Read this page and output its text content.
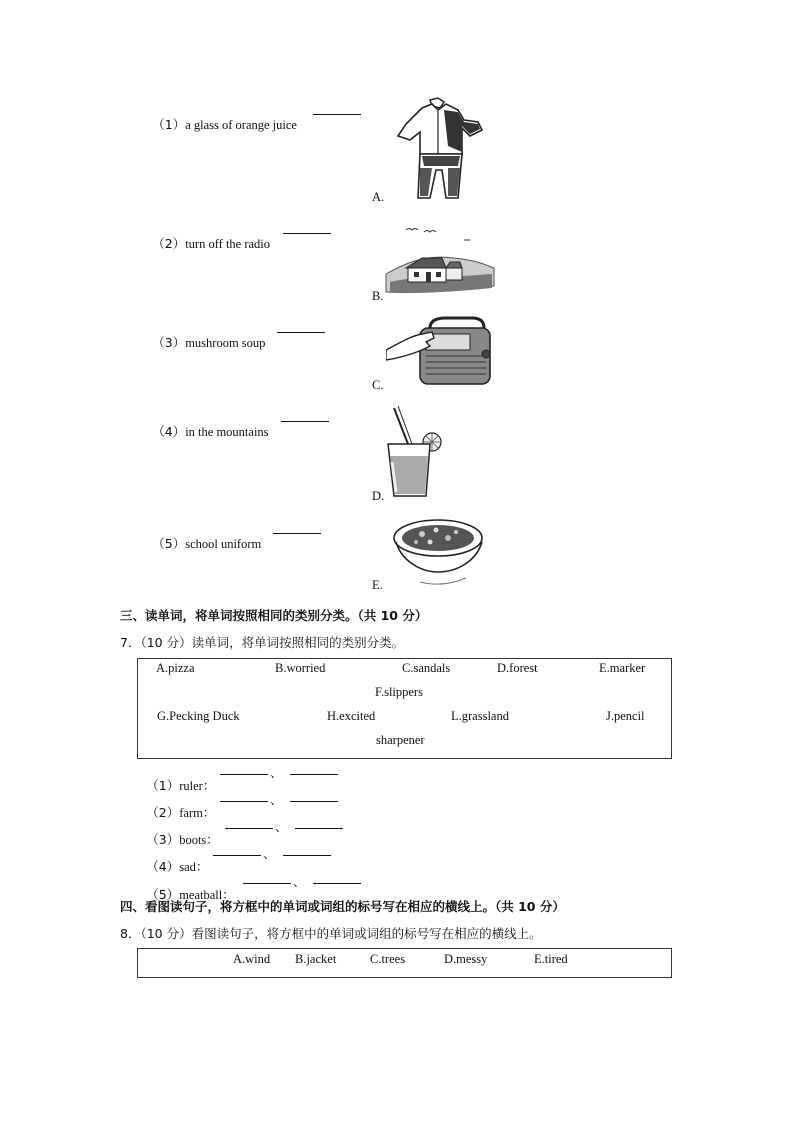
（1）a glass of orange juice

（2）turn off the radio

（3）mushroom soup

（4）in the mountains

（5）school uniform

A.
B.
C.
D.
E.
三、读单词，将单词按照相同的类别分类。（共 10 分）
7．（10 分）读单词，将单词按照相同的类别分类。
A.pizza	B.worried	C.sandals	D.forest	E.marker
F.slippers
G.Pecking Duck	H.excited	L.grassland	J.pencil
sharpener

（1）ruler：

、

（2）farm：

、

（3）boots：

、

（4）sad：

、

（5）meatball：

、
四、看图读句子，将方框中的单词或词组的标号写在相应的横线上。（共 10 分）
8．（10 分）看图读句子，将方框中的单词或词组的标号写在相应的横线上。
A.wind B.jacket	C.trees	D.messy	E.tired
